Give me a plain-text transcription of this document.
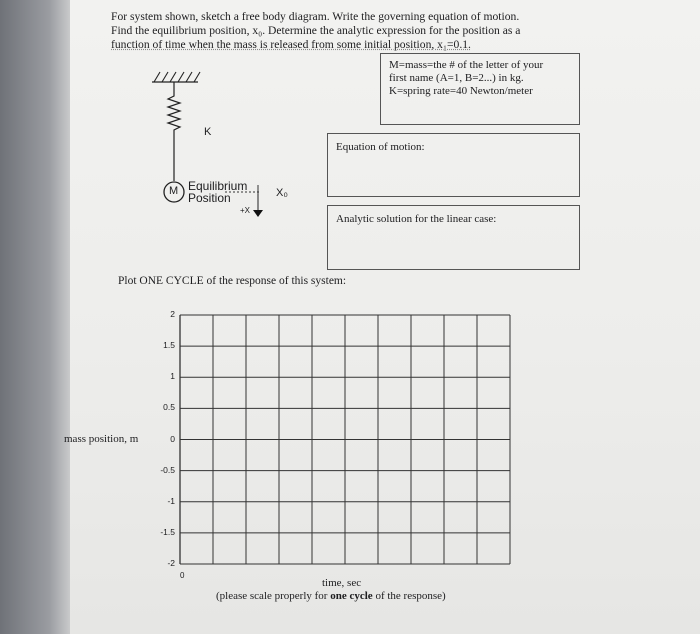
For system shown, sketch a free body diagram. Write the governing equation of motion.
Find the equilibrium position, x₀. Determine the analytic expression for the position as a
function of time when the mass is released from some initial position, x₁=0.1.
M=mass=the # of the letter of your
first name (A=1, B=2...) in kg.
K=spring rate=40 Newton/meter
Equation of motion:
Analytic solution for the linear case:
K
M Equilibrium
Position	X₀
+X
Plot ONE CYCLE of the response of this system:
mass position, m
2
1.5
1
0.5
0
-0.5
-1
-1.5
-2
time, sec
(please scale properly for one cycle of the response)
0
